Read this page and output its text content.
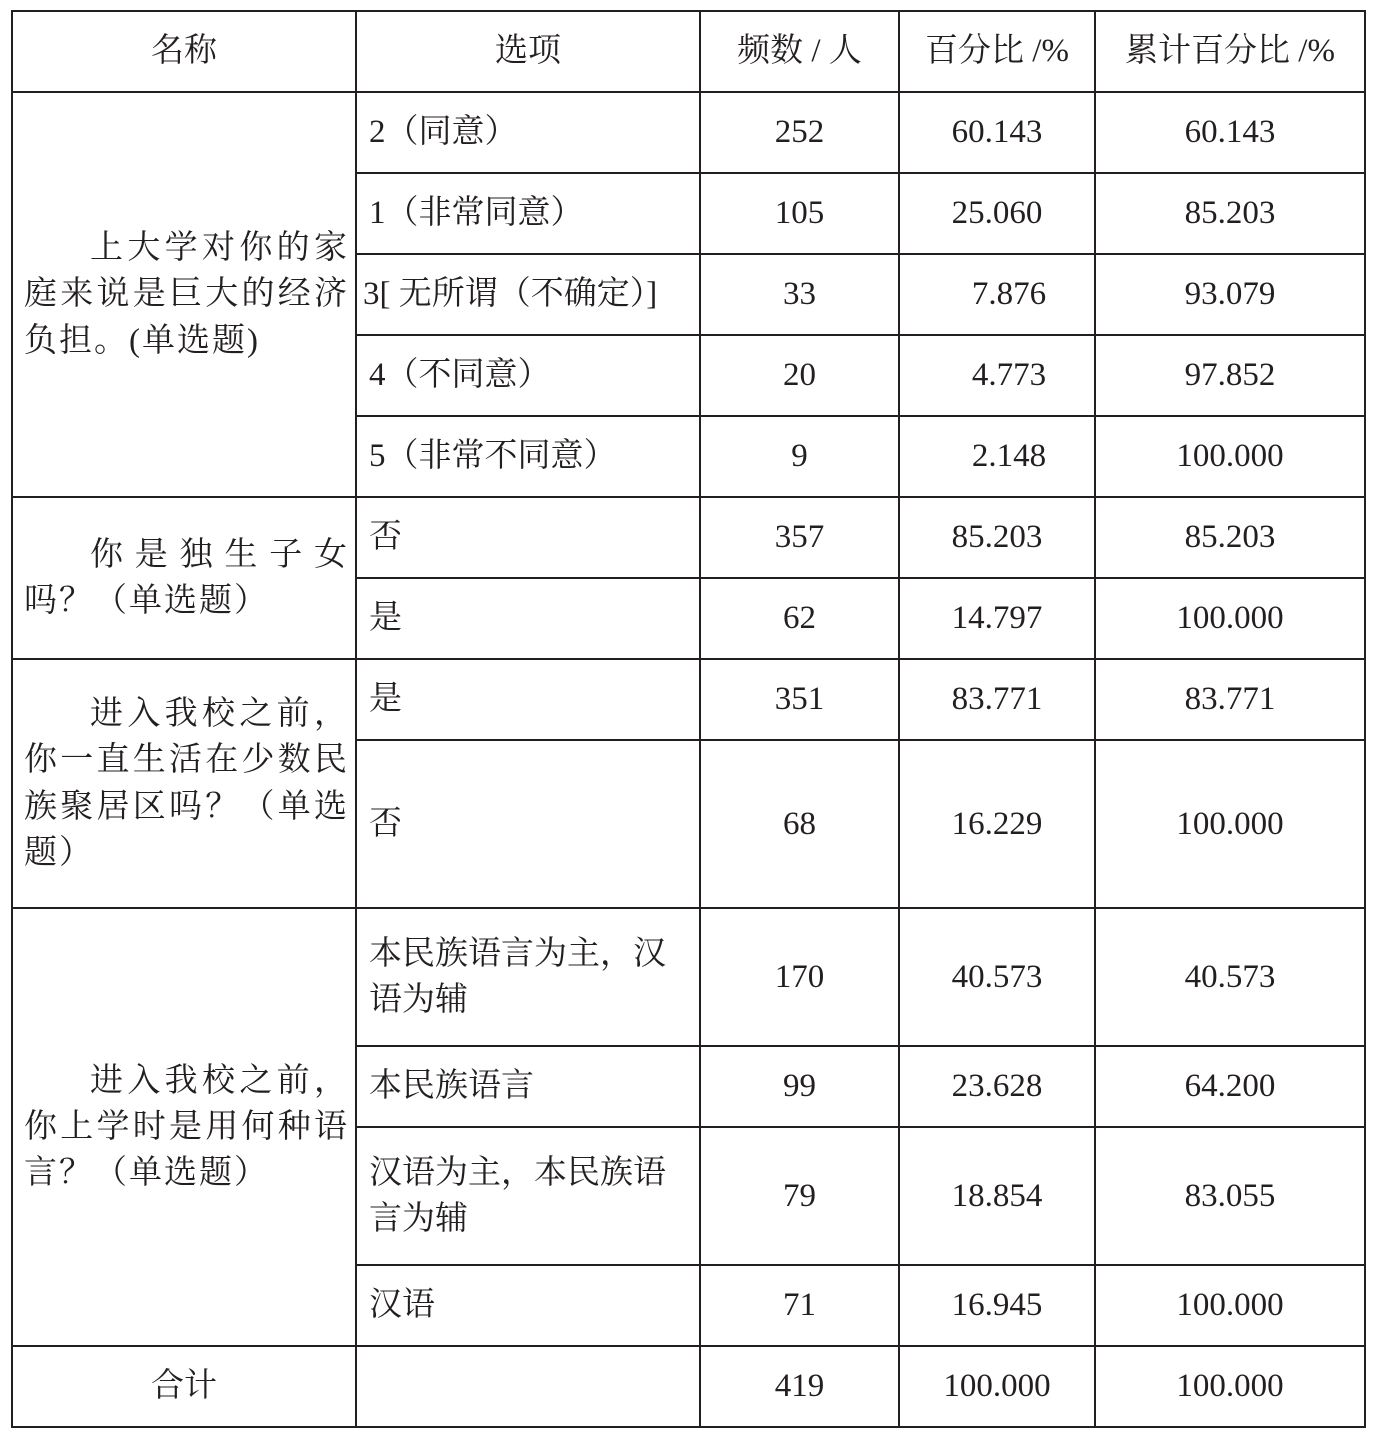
名称	选项	频数 / 人	百分比 /%	累计百分比 /%
上大学对你的家庭来说是巨大的经济负担。(单选题)	2（同意）	252	60.143	60.143
	1（非常同意）	105	25.060	85.203
	3[ 无所谓（不确定）]	33	7.876	93.079
	4（不同意）	20	4.773	97.852
	5（非常不同意）	9	2.148	100.000
你是独生子女吗？（单选题）	否	357	85.203	85.203
	是	62	14.797	100.000
进入我校之前，你一直生活在少数民族聚居区吗？（单选题）	是	351	83.771	83.771
	否	68	16.229	100.000
进入我校之前，你上学时是用何种语言？（单选题）	本民族语言为主，汉语为辅	170	40.573	40.573
	本民族语言	99	23.628	64.200
	汉语为主，本民族语言为辅	79	18.854	83.055
	汉语	71	16.945	100.000
合计		419	100.000	100.000
